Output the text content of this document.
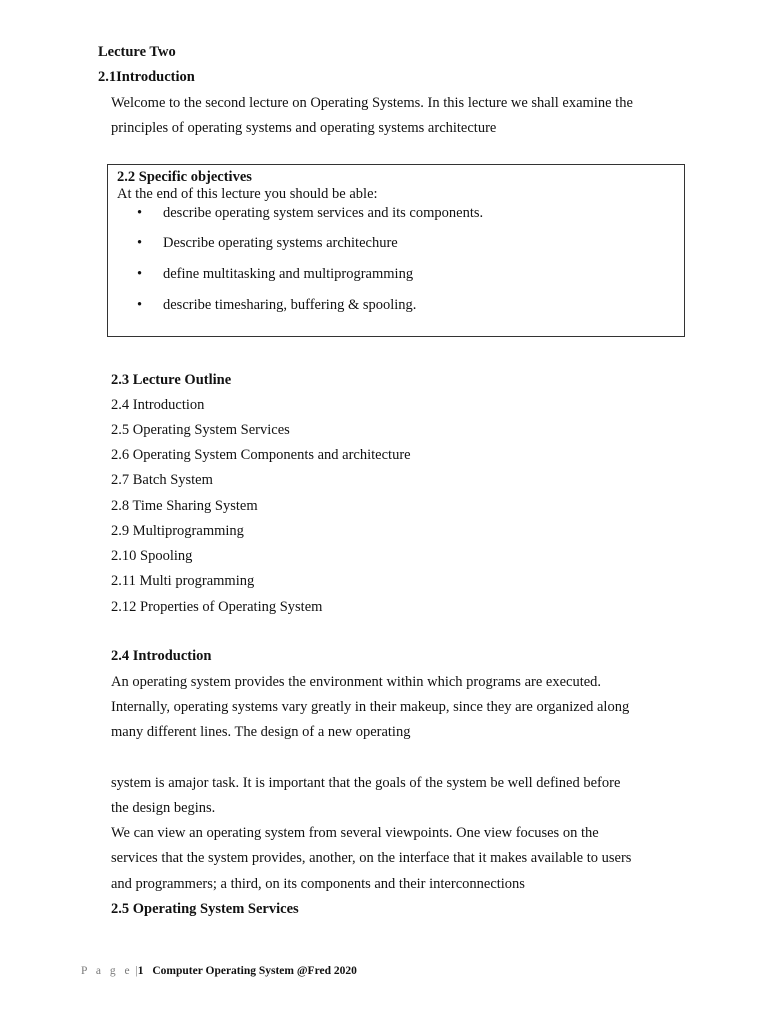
Lecture Two
2.1Introduction
Welcome to the second lecture on Operating Systems. In this lecture we shall examine the
principles of operating systems and operating systems architecture
2.2 Specific objectives
At the end of this lecture you should be able:
• describe operating system services and its components.
• Describe operating systems architechure
• define multitasking and multiprogramming
• describe timesharing, buffering & spooling.
2.3 Lecture Outline
2.4 Introduction
2.5 Operating System Services
2.6 Operating System Components and architecture
2.7 Batch System
2.8 Time Sharing System
2.9 Multiprogramming
2.10 Spooling
2.11 Multi programming
2.12 Properties of Operating System
2.4 Introduction
An operating system provides the environment within which programs are executed.
Internally, operating systems vary greatly in their makeup, since they are organized along
many different lines. The design of a new operating
system is amajor task. It is important that the goals of the system be well defined before
the design begins.
We can view an operating system from several viewpoints. One view focuses on the
services that the system provides, another, on the interface that it makes available to users
and programmers; a third, on its components and their interconnections
2.5 Operating System Services
P a g e |1 Computer Operating System @Fred 2020
